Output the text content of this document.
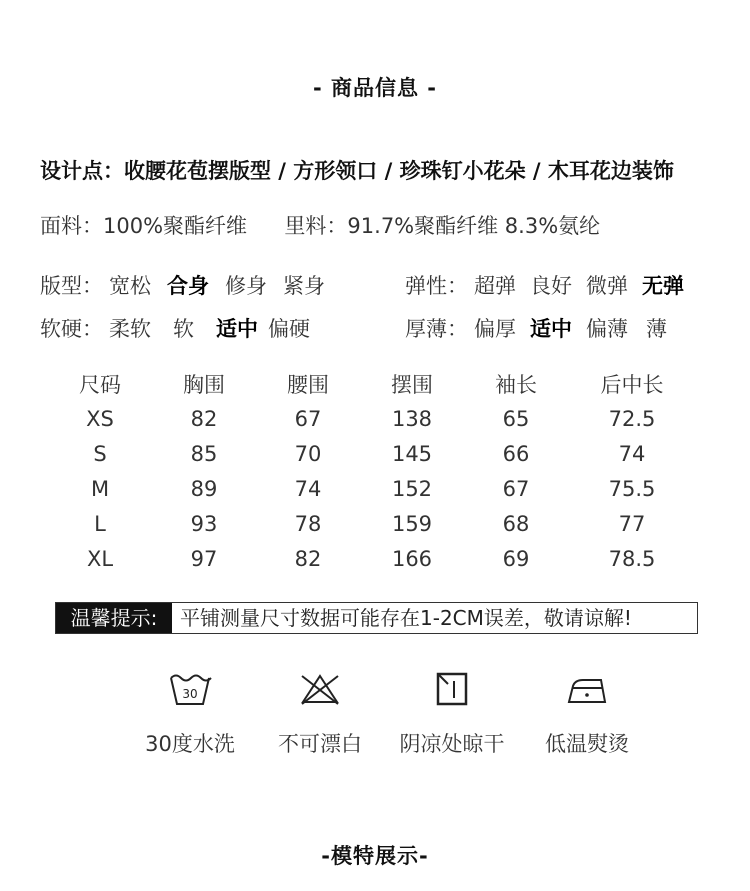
- 商品信息 -
设计点：收腰花苞摆版型 / 方形领口 / 珍珠钉小花朵 / 木耳花边装饰
面料：100%聚酯纤维 里料：91.7%聚酯纤维 8.3%氨纶
版型： 宽松 合身 修身 紧身	弹性： 超弹 良好 微弹 无弹
软硬： 柔软 软 适中 偏硬	厚薄： 偏厚 适中 偏薄 薄
尺码	胸围	腰围	摆围	袖长	后中长
XS	82	67	138	65	72.5
S	85	70	145	66	74
M	89	74	152	67	75.5
L	93	78	159	68	77
XL	97	82	166	69	78.5
温馨提示:	平铺测量尺寸数据可能存在1-2CM误差，敬请谅解!
30
30度水洗	不可漂白	阴凉处晾干	低温熨烫
-模特展示-
